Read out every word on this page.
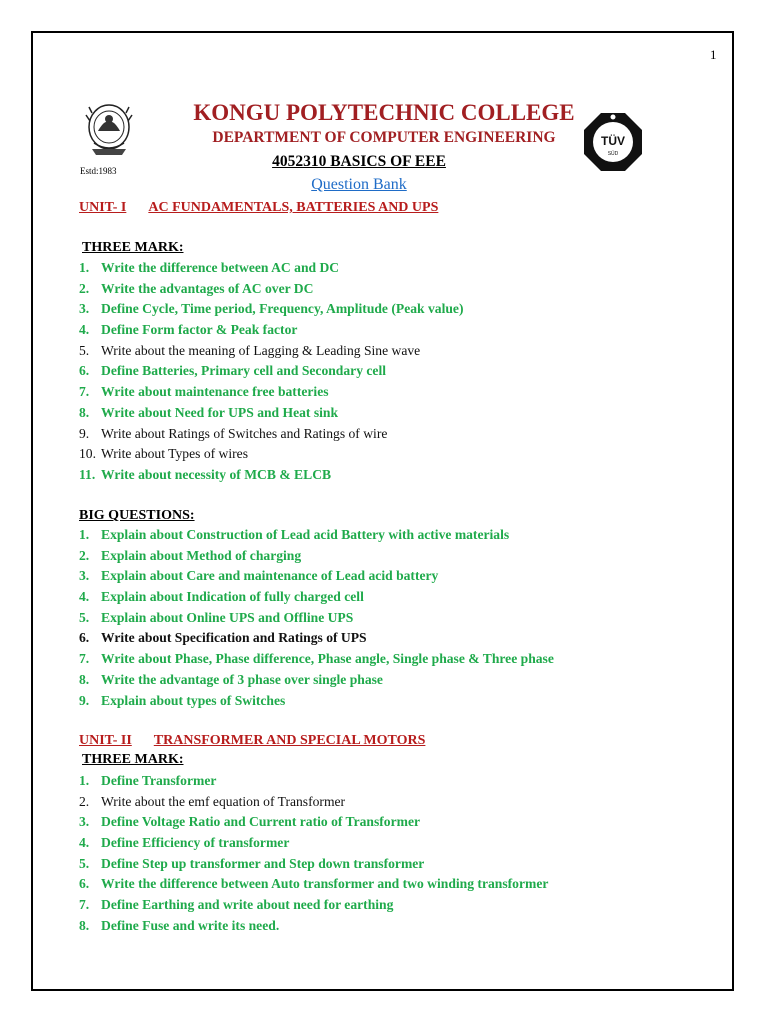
1
Estd:1983
TÜV
SÜD
KONGU POLYTECHNIC COLLEGE
DEPARTMENT OF COMPUTER ENGINEERING
4052310 BASICS OF EEE
Question Bank
UNIT- I AC FUNDAMENTALS, BATTERIES AND UPS
THREE MARK:
1. Write the difference between AC and DC
2. Write the advantages of AC over DC
3. Define Cycle, Time period, Frequency, Amplitude (Peak value)
4. Define Form factor & Peak factor
5. Write about the meaning of Lagging & Leading Sine wave
6. Define Batteries, Primary cell and Secondary cell
7. Write about maintenance free batteries
8. Write about Need for UPS and Heat sink
9. Write about Ratings of Switches and Ratings of wire
10. Write about Types of wires
11. Write about necessity of MCB & ELCB
BIG QUESTIONS:
1. Explain about Construction of Lead acid Battery with active materials
2. Explain about Method of charging
3. Explain about Care and maintenance of Lead acid battery
4. Explain about Indication of fully charged cell
5. Explain about Online UPS and Offline UPS
6. Write about Specification and Ratings of UPS
7. Write about Phase, Phase difference, Phase angle, Single phase & Three phase
8. Write the advantage of 3 phase over single phase
9. Explain about types of Switches
UNIT- II TRANSFORMER AND SPECIAL MOTORS
THREE MARK:
1. Define Transformer
2. Write about the emf equation of Transformer
3. Define Voltage Ratio and Current ratio of Transformer
4. Define Efficiency of transformer
5. Define Step up transformer and Step down transformer
6. Write the difference between Auto transformer and two winding transformer
7. Define Earthing and write about need for earthing
8. Define Fuse and write its need.
